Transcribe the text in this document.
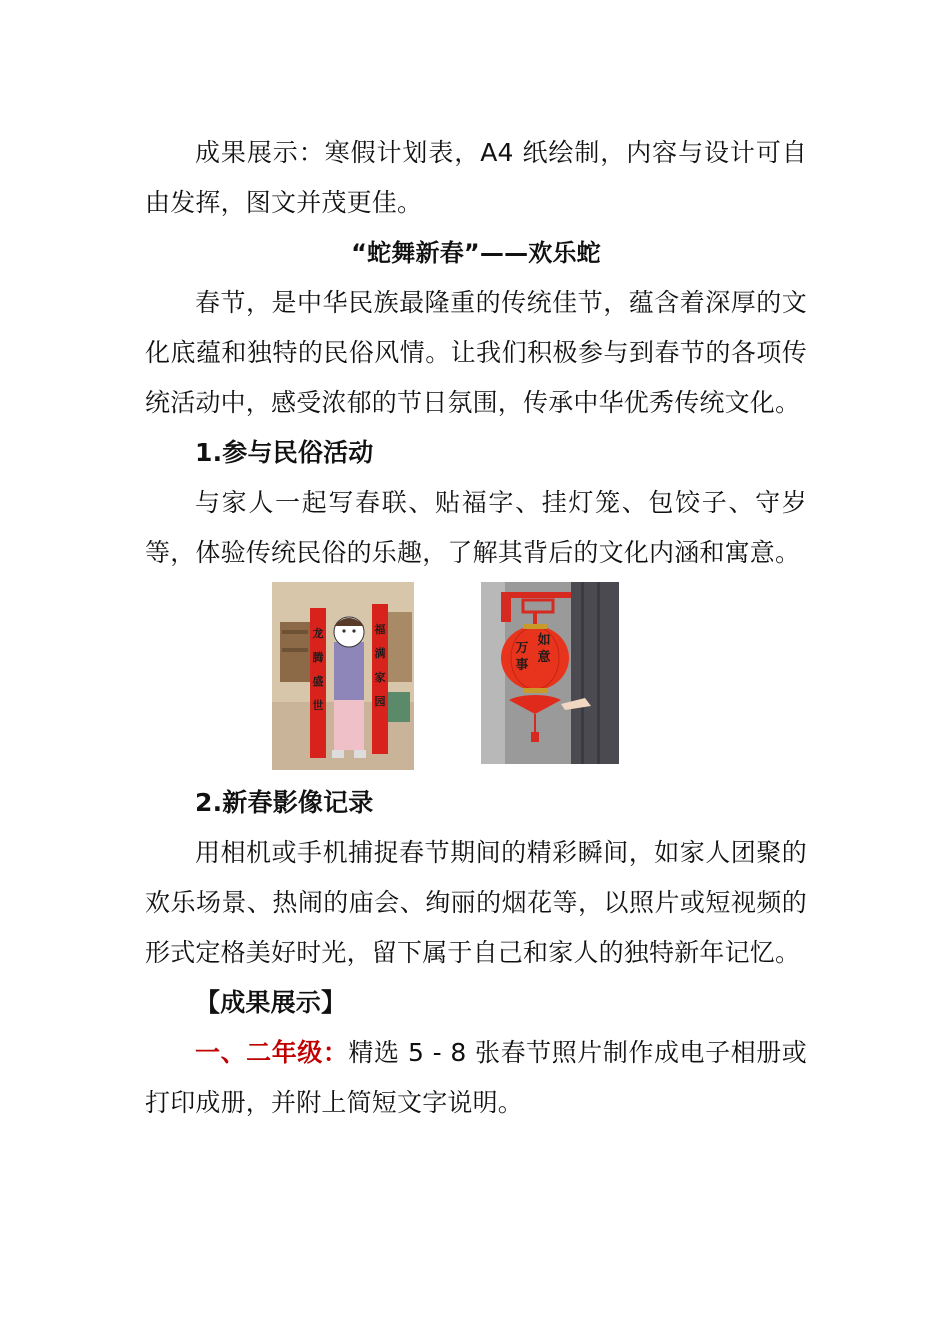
成果展示：寒假计划表，A4 纸绘制，内容与设计可自由发挥，图文并茂更佳。

“蛇舞新春”——欢乐蛇

春节，是中华民族最隆重的传统佳节，蕴含着深厚的文化底蕴和独特的民俗风情。让我们积极参与到春节的各项传统活动中，感受浓郁的节日氛围，传承中华优秀传统文化。

1.参与民俗活动

与家人一起写春联、贴福字、挂灯笼、包饺子、守岁等，体验传统民俗的乐趣，了解其背后的文化内涵和寓意。

龙腾盛世
福满家园
万事
如意

2.新春影像记录

用相机或手机捕捉春节期间的精彩瞬间，如家人团聚的欢乐场景、热闹的庙会、绚丽的烟花等，以照片或短视频的形式定格美好时光，留下属于自己和家人的独特新年记忆。

【成果展示】

一、二年级：精选 5 - 8 张春节照片制作成电子相册或打印成册，并附上简短文字说明。
